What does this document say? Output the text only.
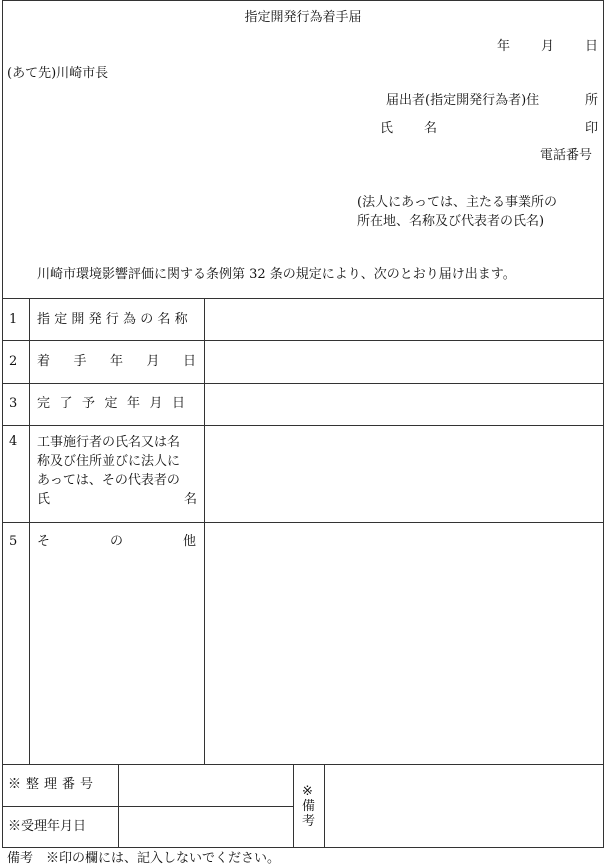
指定開発行為着手届
年 月 日
(あて先)川崎市長
届出者(指定開発行為者)住	所
氏 名	印
電話番号
(法人にあっては、主たる事業所の
所在地、名称及び代表者の氏名)
川崎市環境影響評価に関する条例第 32 条の規定により、次のとおり届け出ます。
1 指定開発行為の名称
2 着手年月日
3 完了予定年月日
4 工事施行者の氏名又は名
称及び住所並びに法人に
あっては、その代表者の
氏	名
5 その他
※整理番号
※受理年月日
※
備
考
備考　※印の欄には、記入しないでください。
